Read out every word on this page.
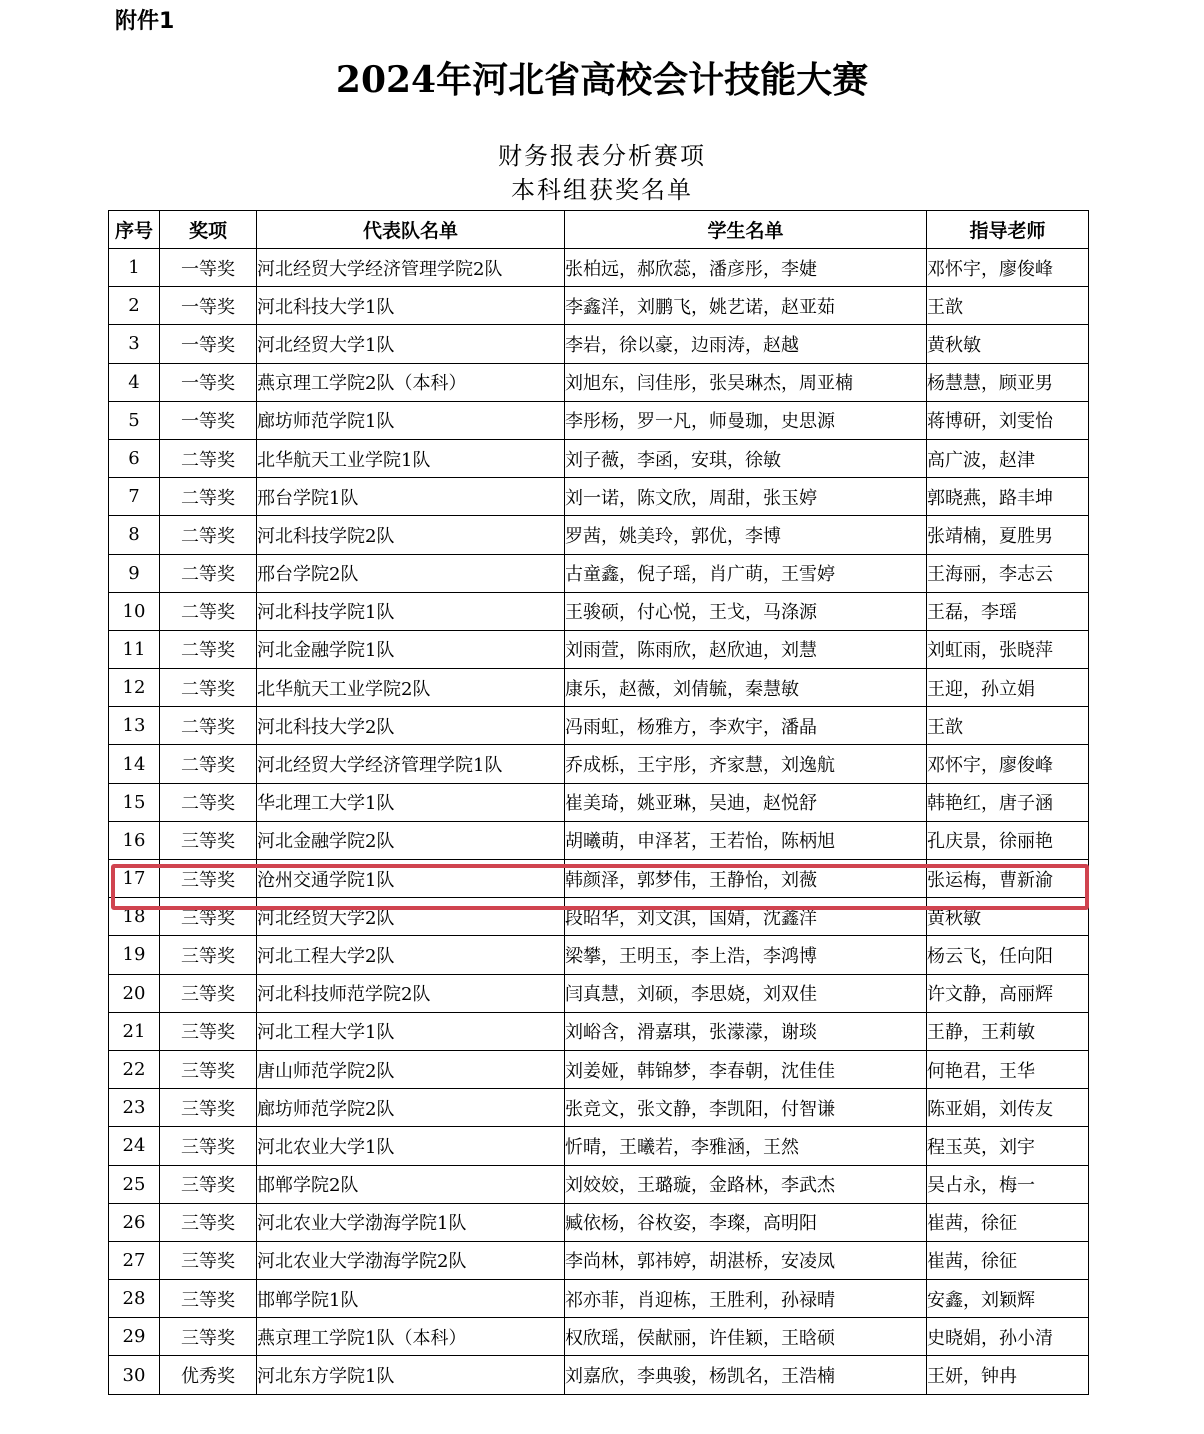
附件1
2024年河北省高校会计技能大赛
财务报表分析赛项
本科组获奖名单
序号	奖项	代表队名单	学生名单	指导老师
1	一等奖	河北经贸大学经济管理学院2队	张柏远，郝欣蕊，潘彦彤，李婕	邓怀宇，廖俊峰
2	一等奖	河北科技大学1队	李鑫洋，刘鹏飞，姚艺诺，赵亚茹	王歆
3	一等奖	河北经贸大学1队	李岩，徐以豪，边雨涛，赵越	黄秋敏
4	一等奖	燕京理工学院2队（本科）	刘旭东，闫佳彤，张吴琳杰，周亚楠	杨慧慧，顾亚男
5	一等奖	廊坊师范学院1队	李彤杨，罗一凡，师曼珈，史思源	蒋博研，刘雯怡
6	二等奖	北华航天工业学院1队	刘子薇，李函，安琪，徐敏	高广波，赵津
7	二等奖	邢台学院1队	刘一诺，陈文欣，周甜，张玉婷	郭晓燕，路丰坤
8	二等奖	河北科技学院2队	罗茜，姚美玲，郭优，李博	张靖楠，夏胜男
9	二等奖	邢台学院2队	古童鑫，倪子瑶，肖广萌，王雪婷	王海丽，李志云
10	二等奖	河北科技学院1队	王骏硕，付心悦，王戈，马涤源	王磊，李瑶
11	二等奖	河北金融学院1队	刘雨萱，陈雨欣，赵欣迪，刘慧	刘虹雨，张晓萍
12	二等奖	北华航天工业学院2队	康乐，赵薇，刘倩毓，秦慧敏	王迎，孙立娟
13	二等奖	河北科技大学2队	冯雨虹，杨雅方，李欢宇，潘晶	王歆
14	二等奖	河北经贸大学经济管理学院1队	乔成栎，王宇彤，齐家慧，刘逸航	邓怀宇，廖俊峰
15	二等奖	华北理工大学1队	崔美琦，姚亚琳，吴迪，赵悦舒	韩艳红，唐子涵
16	三等奖	河北金融学院2队	胡曦萌，申泽茗，王若怡，陈柄旭	孔庆景，徐丽艳
17	三等奖	沧州交通学院1队	韩颜泽，郭梦伟，王静怡，刘薇	张运梅，曹新渝
18	三等奖	河北经贸大学2队	段昭华，刘文淇，国婧，沈鑫洋	黄秋敏
19	三等奖	河北工程大学2队	梁攀，王明玉，李上浩，李鸿博	杨云飞，任向阳
20	三等奖	河北科技师范学院2队	闫真慧，刘硕，李思娆，刘双佳	许文静，高丽辉
21	三等奖	河北工程大学1队	刘峪含，滑嘉琪，张濛濛，谢琰	王静，王莉敏
22	三等奖	唐山师范学院2队	刘姜娅，韩锦梦，李春朝，沈佳佳	何艳君，王华
23	三等奖	廊坊师范学院2队	张竞文，张文静，李凯阳，付智谦	陈亚娟，刘传友
24	三等奖	河北农业大学1队	忻晴，王曦若，李雅涵，王然	程玉英，刘宇
25	三等奖	邯郸学院2队	刘姣姣，王璐璇，金路林，李武杰	吴占永，梅一
26	三等奖	河北农业大学渤海学院1队	臧依杨，谷枚姿，李璨，高明阳	崔茜，徐征
27	三等奖	河北农业大学渤海学院2队	李尚林，郭祎婷，胡湛桥，安凌凤	崔茜，徐征
28	三等奖	邯郸学院1队	祁亦菲，肖迎栋，王胜利，孙禄晴	安鑫，刘颖辉
29	三等奖	燕京理工学院1队（本科）	权欣瑶，侯献丽，许佳颖，王晗硕	史晓娟，孙小清
30	优秀奖	河北东方学院1队	刘嘉欣，李典骏，杨凯名，王浩楠	王妍，钟冉
